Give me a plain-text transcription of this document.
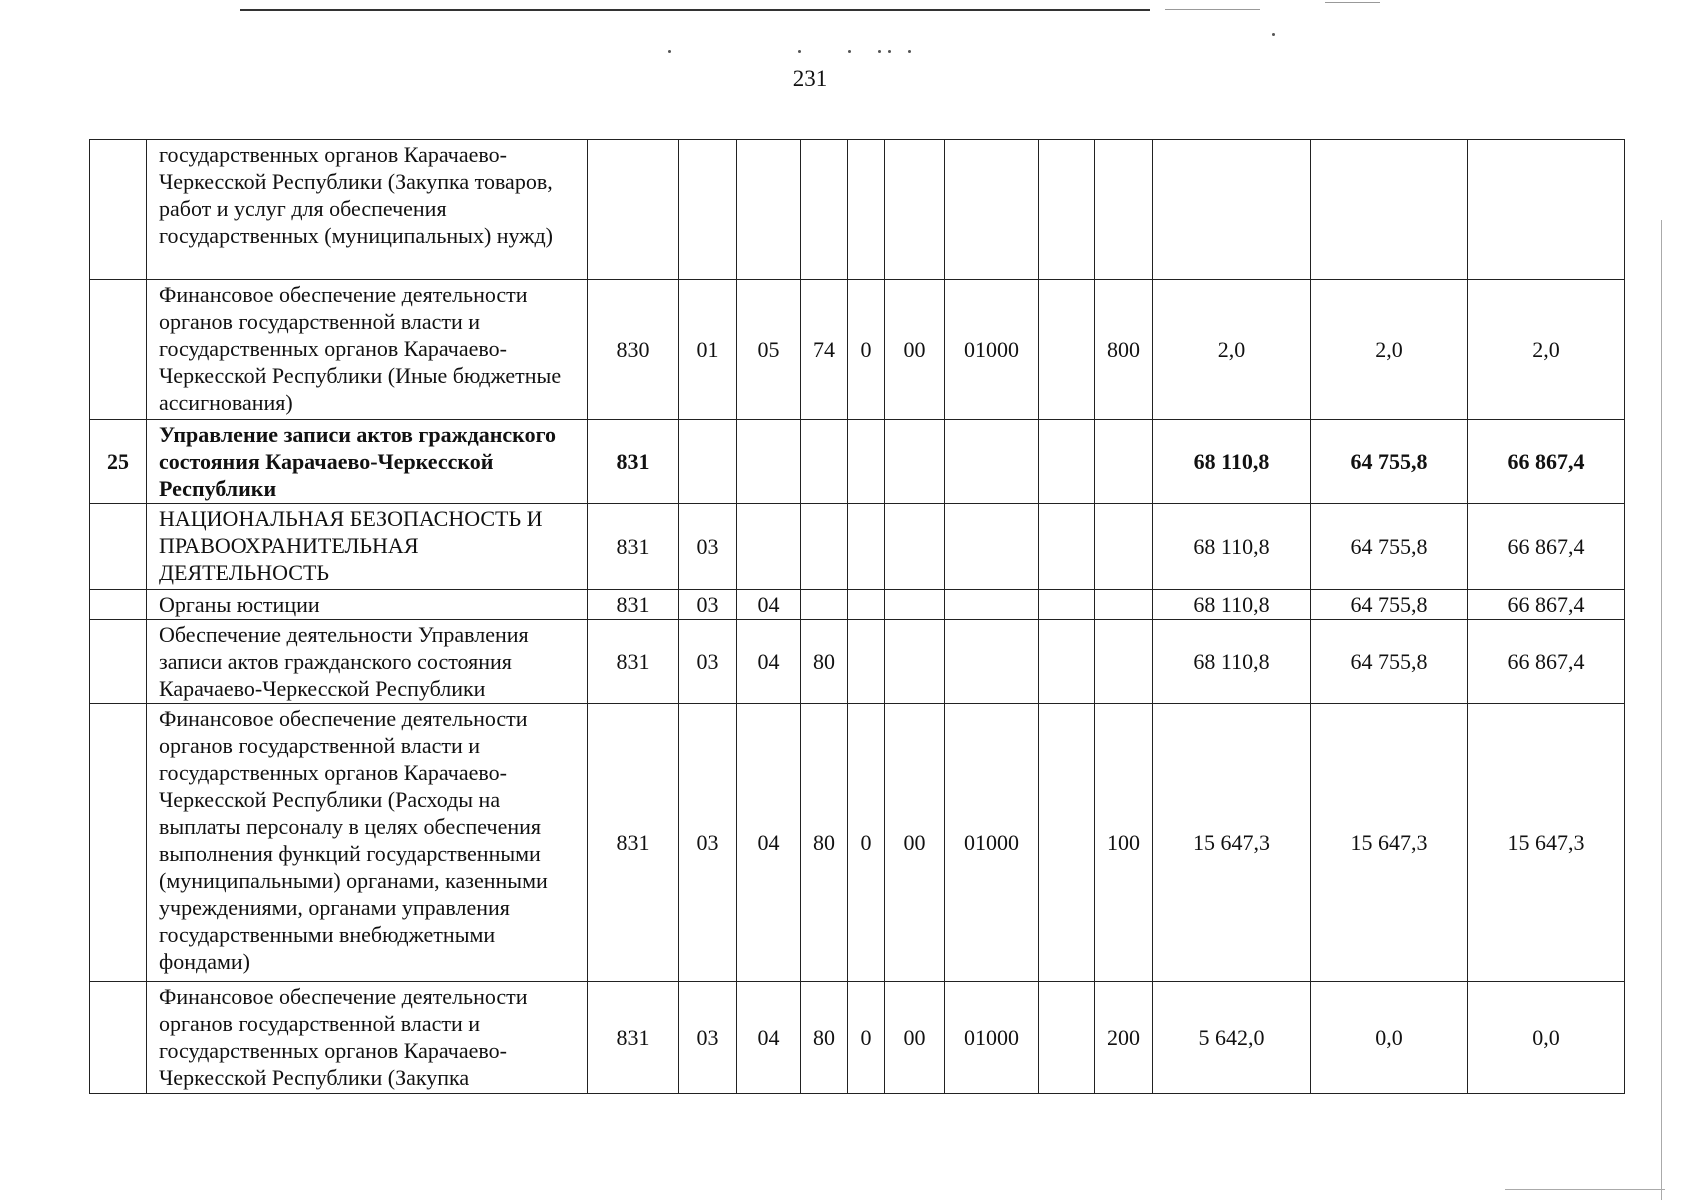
231
	государственных органов Карачаево-Черкесской Республики (Закупка товаров, работ и услуг для обеспечения государственных (муниципальных) нужд)												
	Финансовое обеспечение деятельности органов государственной власти и государственных органов Карачаево-Черкесской Республики (Иные бюджетные ассигнования)	830	01	05	74	0	00	01000		800	2,0	2,0	2,0
25	Управление записи актов гражданского состояния Карачаево-Черкесской Республики	831									68 110,8	64 755,8	66 867,4
	НАЦИОНАЛЬНАЯ БЕЗОПАСНОСТЬ И ПРАВООХРАНИТЕЛЬНАЯ ДЕЯТЕЛЬНОСТЬ	831	03								68 110,8	64 755,8	66 867,4
	Органы юстиции	831	03	04							68 110,8	64 755,8	66 867,4
	Обеспечение деятельности Управления записи актов гражданского состояния Карачаево-Черкесской Республики	831	03	04	80						68 110,8	64 755,8	66 867,4
	Финансовое обеспечение деятельности органов государственной власти и государственных органов Карачаево-Черкесской Республики (Расходы на выплаты персоналу в целях обеспечения выполнения функций государственными (муниципальными) органами, казенными учреждениями, органами управления государственными внебюджетными фондами)	831	03	04	80	0	00	01000		100	15 647,3	15 647,3	15 647,3
	Финансовое обеспечение деятельности органов государственной власти и государственных органов Карачаево-Черкесской Республики (Закупка	831	03	04	80	0	00	01000		200	5 642,0	0,0	0,0
